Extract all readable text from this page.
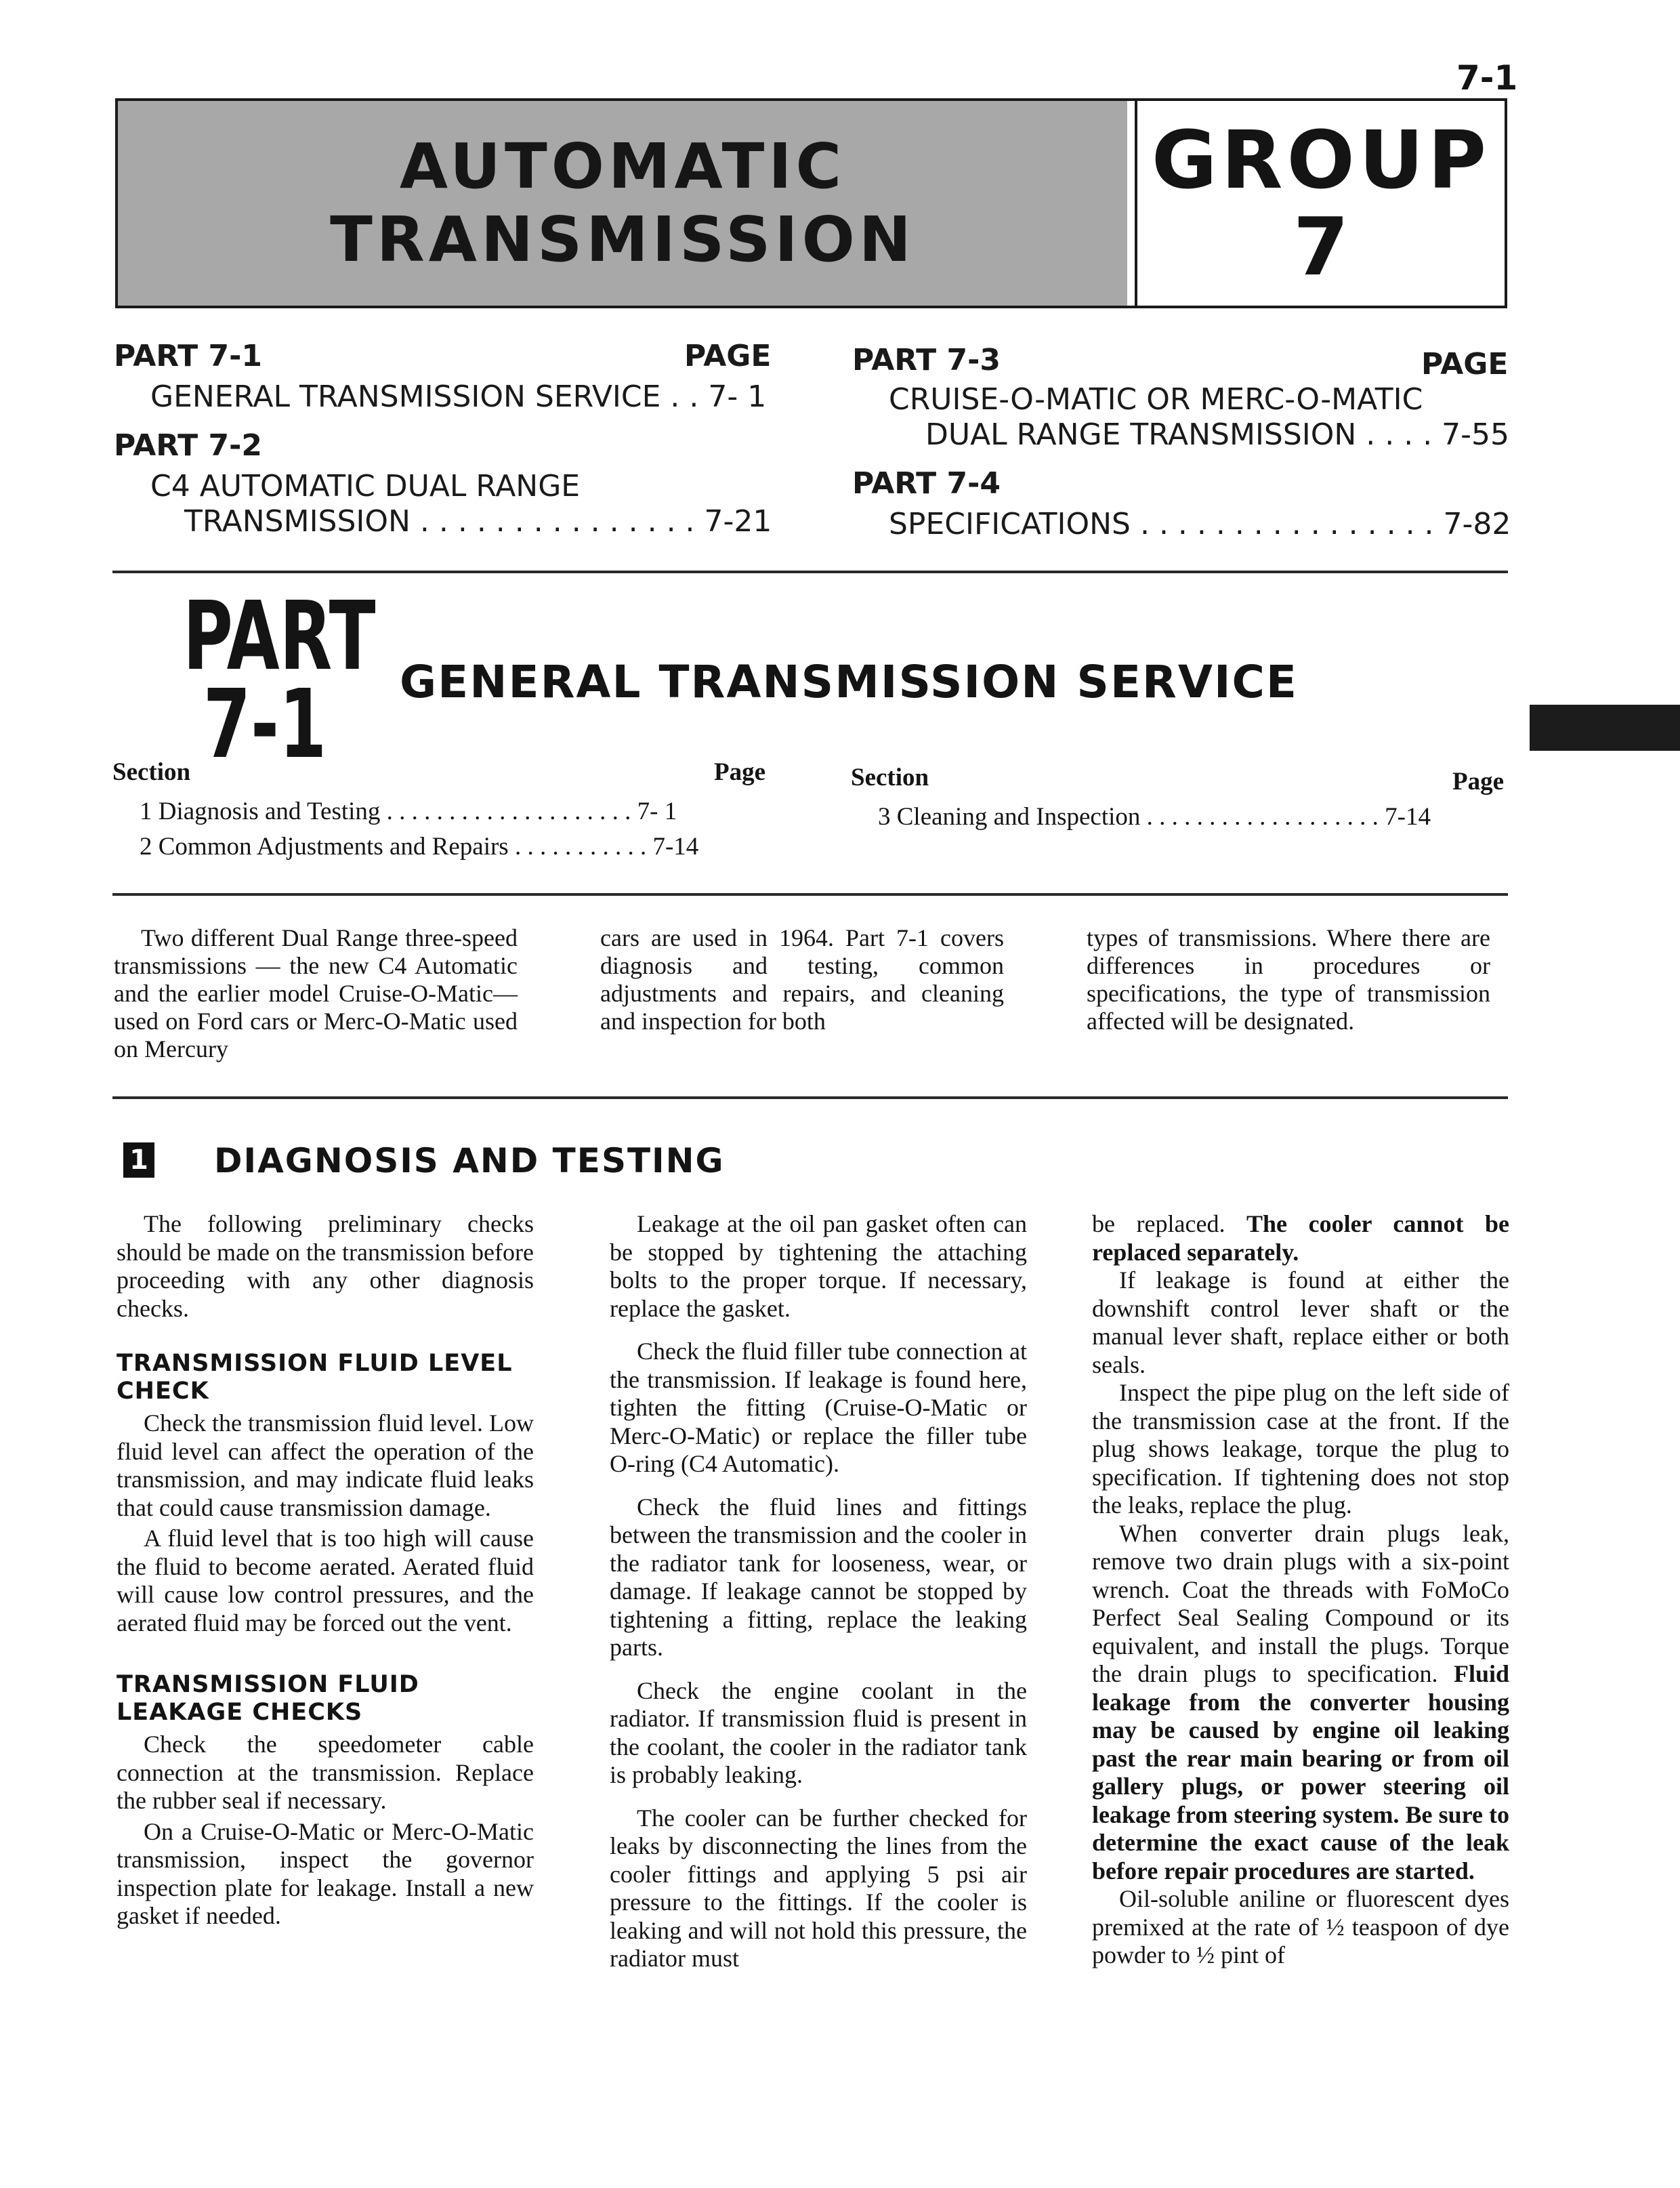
7-1
AUTOMATIC
TRANSMISSION
GROUP
7
PART 7-1	PAGE
GENERAL TRANSMISSION SERVICE . . 7- 1
PART 7-2
C4 AUTOMATIC DUAL RANGE
TRANSMISSION . . . . . . . . . . . . . . . 7-21
PART 7-3	PAGE
CRUISE-O-MATIC OR MERC-O-MATIC
DUAL RANGE TRANSMISSION . . . . 7-55
PART 7-4
SPECIFICATIONS . . . . . . . . . . . . . . . . 7-82
PART
7-1 GENERAL TRANSMISSION SERVICE
Section	Page
1 Diagnosis and Testing . . . . . . . . . . . . . . . . . . . . 7- 1
2 Common Adjustments and Repairs . . . . . . . . . . . 7-14
Section	Page
3 Cleaning and Inspection . . . . . . . . . . . . . . . . . . . 7-14

Two different Dual Range three-speed transmissions — the new C4 Automatic and the earlier model Cruise-O-Matic—used on Ford cars or Merc-O-Matic used on Mercury

cars are used in 1964. Part 7-1 covers diagnosis and testing, common adjustments and repairs, and cleaning and inspection for both

types of transmissions. Where there are differences in procedures or specifications, the type of transmission affected will be designated.

1 DIAGNOSIS AND TESTING

The following preliminary checks should be made on the transmission before proceeding with any other diagnosis checks.

TRANSMISSION FLUID LEVEL CHECK

Check the transmission fluid level. Low fluid level can affect the operation of the transmission, and may indicate fluid leaks that could cause transmission damage.

A fluid level that is too high will cause the fluid to become aerated. Aerated fluid will cause low control pressures, and the aerated fluid may be forced out the vent.

TRANSMISSION FLUID LEAKAGE CHECKS

Check the speedometer cable connection at the transmission. Replace the rubber seal if necessary.

On a Cruise-O-Matic or Merc-O-Matic transmission, inspect the governor inspection plate for leakage. Install a new gasket if needed.

Leakage at the oil pan gasket often can be stopped by tightening the attaching bolts to the proper torque. If necessary, replace the gasket.

Check the fluid filler tube connection at the transmission. If leakage is found here, tighten the fitting (Cruise-O-Matic or Merc-O-Matic) or replace the filler tube O-ring (C4 Automatic).

Check the fluid lines and fittings between the transmission and the cooler in the radiator tank for looseness, wear, or damage. If leakage cannot be stopped by tightening a fitting, replace the leaking parts.

Check the engine coolant in the radiator. If transmission fluid is present in the coolant, the cooler in the radiator tank is probably leaking.

The cooler can be further checked for leaks by disconnecting the lines from the cooler fittings and applying 5 psi air pressure to the fittings. If the cooler is leaking and will not hold this pressure, the radiator must

be replaced. The cooler cannot be replaced separately.

If leakage is found at either the downshift control lever shaft or the manual lever shaft, replace either or both seals.

Inspect the pipe plug on the left side of the transmission case at the front. If the plug shows leakage, torque the plug to specification. If tightening does not stop the leaks, replace the plug.

When converter drain plugs leak, remove two drain plugs with a six-point wrench. Coat the threads with FoMoCo Perfect Seal Sealing Compound or its equivalent, and install the plugs. Torque the drain plugs to specification. Fluid leakage from the converter housing may be caused by engine oil leaking past the rear main bearing or from oil gallery plugs, or power steering oil leakage from steering system. Be sure to determine the exact cause of the leak before repair procedures are started.

Oil-soluble aniline or fluorescent dyes premixed at the rate of ½ teaspoon of dye powder to ½ pint of
